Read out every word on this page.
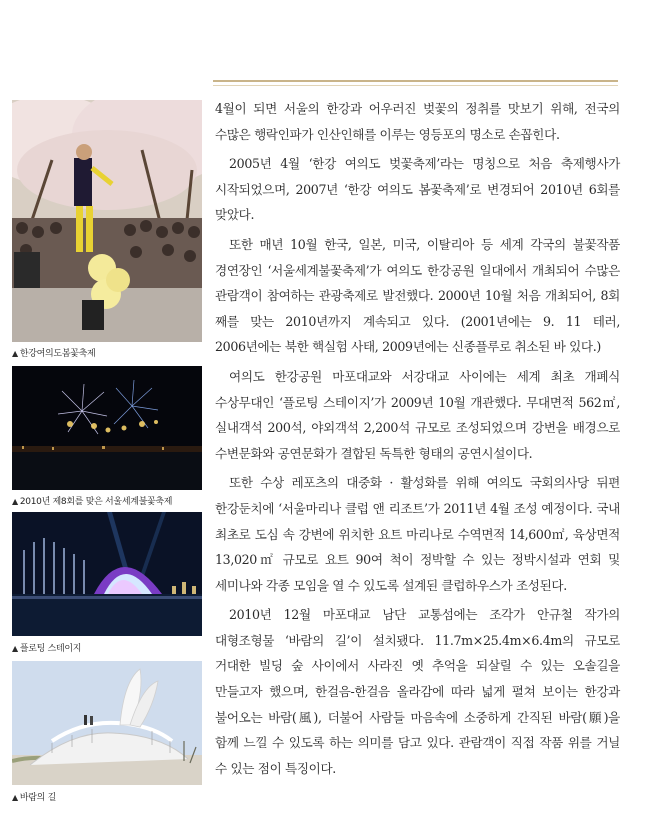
▲ 한강여의도봄꽃축제
▲ 2010년 제8회를 맞은 서울세계불꽃축제
▲ 플로팅 스테이지
▲ 바람의 길

4월이 되면 서울의 한강과 어우러진 벚꽃의 정취를 맛보기 위해, 전국의 수많은 행락인파가 인산인해를 이루는 영등포의 명소로 손꼽힌다.

2005년 4월 ‘한강 여의도 벚꽃축제’라는 명칭으로 처음 축제행사가 시작되었으며, 2007년 ‘한강 여의도 봄꽃축제’로 변경되어 2010년 6회를 맞았다.

또한 매년 10월 한국, 일본, 미국, 이탈리아 등 세계 각국의 불꽃작품 경연장인 ‘서울세계불꽃축제’가 여의도 한강공원 일대에서 개최되어 수많은 관람객이 참여하는 관광축제로 발전했다. 2000년 10월 처음 개최되어, 8회 째를 맞는 2010년까지 계속되고 있다. (2001년에는 9. 11 테러, 2006년에는 북한 핵실험 사태, 2009년에는 신종플루로 취소된 바 있다.)

여의도 한강공원 마포대교와 서강대교 사이에는 세계 최초 개폐식 수상무대인 ‘플로팅 스테이지’가 2009년 10월 개관했다. 무대면적 562㎡, 실내객석 200석, 야외객석 2,200석 규모로 조성되었으며 강변을 배경으로 수변문화와 공연문화가 결합된 독특한 형태의 공연시설이다.

또한 수상 레포츠의 대중화 · 활성화를 위해 여의도 국회의사당 뒤편 한강둔치에 ‘서울마리나 클럽 앤 리조트’가 2011년 4월 조성 예정이다. 국내 최초로 도심 속 강변에 위치한 요트 마리나로 수역면적 14,600㎡, 육상면적 13,020㎡ 규모로 요트 90여 척이 정박할 수 있는 정박시설과 연회 및 세미나와 각종 모임을 열 수 있도록 설계된 클럽하우스가 조성된다.

2010년 12월 마포대교 남단 교통섬에는 조각가 안규철 작가의 대형조형물 ‘바람의 길’이 설치됐다. 11.7m×25.4m×6.4m의 규모로 거대한 빌딩 숲 사이에서 사라진 옛 추억을 되살릴 수 있는 오솔길을 만들고자 했으며, 한걸음-한걸음 올라감에 따라 넓게 펼쳐 보이는 한강과 불어오는 바람(風), 더불어 사람들 마음속에 소중하게 간직된 바람(願)을 함께 느낄 수 있도록 하는 의미를 담고 있다. 관람객이 직접 작품 위를 거닐 수 있는 점이 특징이다.
